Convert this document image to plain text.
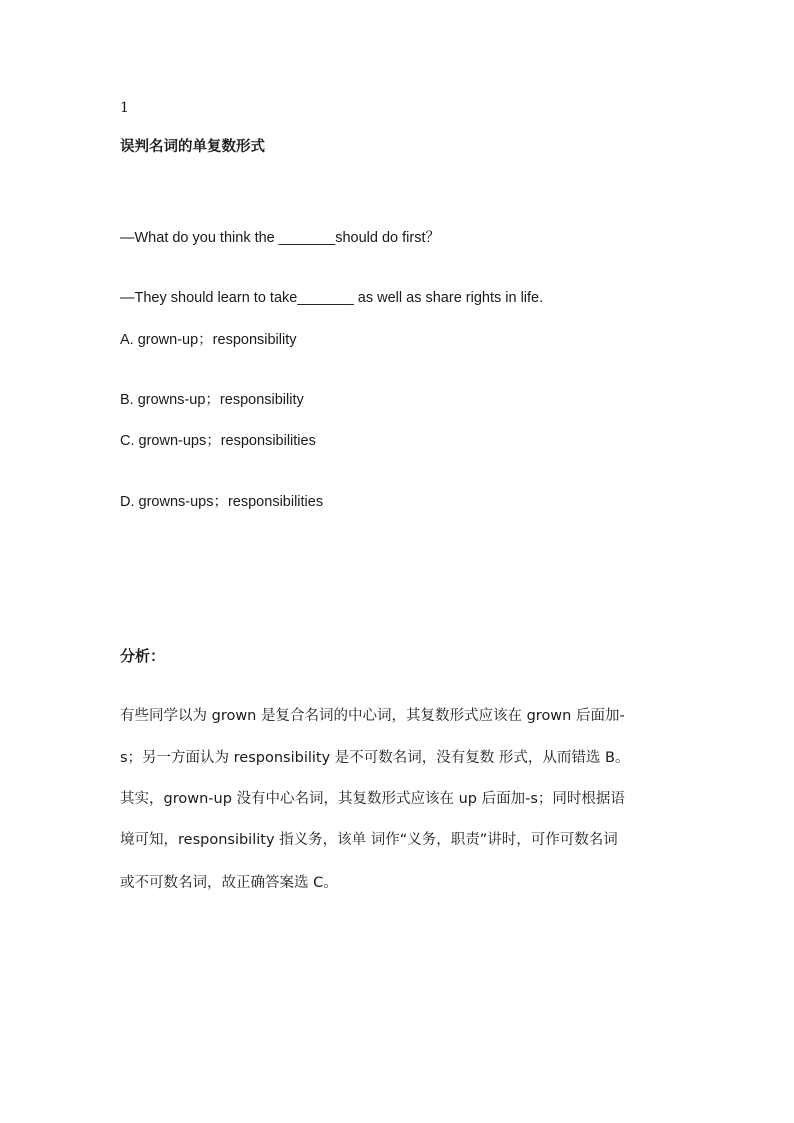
1
误判名词的单复数形式
—What do you think the _______should do first？
—They should learn to take_______ as well as share rights in life.
A. grown-up；responsibility
B. growns-up；responsibility
C. grown-ups；responsibilities
D. growns-ups；responsibilities
分析：
有些同学以为 grown 是复合名词的中心词，其复数形式应该在 grown 后面加-
s；另一方面认为 responsibility 是不可数名词，没有复数 形式，从而错选 B。
其实，grown-up 没有中心名词，其复数形式应该在 up 后面加-s；同时根据语
境可知，responsibility 指义务，该单 词作“义务，职责”讲时，可作可数名词
或不可数名词，故正确答案选 C。
